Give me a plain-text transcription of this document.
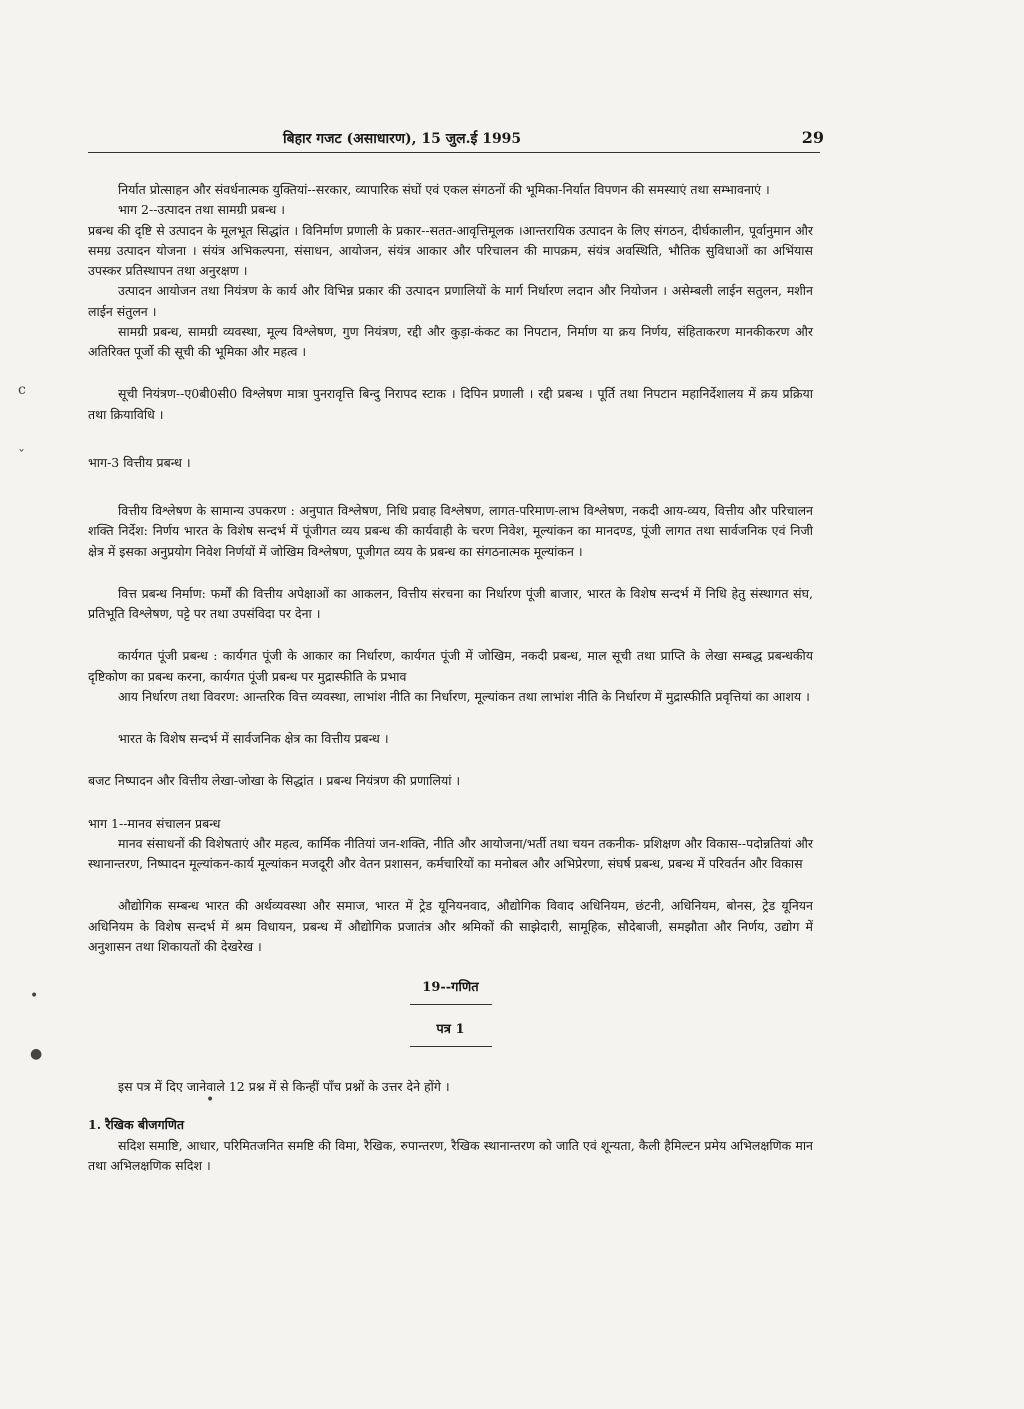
बिहार गजट (असाधारण), 15 जुल.ई 1995	29
c
ˇ
•
●
•

निर्यात प्रोत्साहन और संवर्धनात्मक युक्तियां--सरकार, व्यापारिक संघों एवं एकल संगठनों की भूमिका-निर्यात विपणन की समस्याएं तथा सम्भावनाएं ।

भाग 2--उत्पादन तथा सामग्री प्रबन्ध ।

प्रबन्ध की दृष्टि से उत्पादन के मूलभूत सिद्धांत । विनिर्माण प्रणाली के प्रकार--सतत-आवृत्तिमूलक ।आन्तरायिक उत्पादन के लिए संगठन, दीर्घकालीन, पूर्वानुमान और समग्र उत्पादन योजना । संयंत्र अभिकल्पना, संसाधन, आयोजन, संयंत्र आकार और परिचालन की मापक्रम, संयंत्र अवस्थिति, भौतिक सुविधाओं का अभिंयास उपस्कर प्रतिस्थापन तथा अनुरक्षण ।

उत्पादन आयोजन तथा नियंत्रण के कार्य और विभिन्न प्रकार की उत्पादन प्रणालियों के मार्ग निर्धारण लदान और नियोजन । असेम्बली लाईन सतुलन, मशीन लाईन संतुलन ।

सामग्री प्रबन्ध, सामग्री व्यवस्था, मूल्य विश्लेषण, गुण नियंत्रण, रद्दी और कुड़ा-कंकट का निपटान, निर्माण या क्रय निर्णय, संहिताकरण मानकीकरण और अतिरिक्त पूर्जो की सूची की भूमिका और महत्व ।

सूची नियंत्रण--ए0बी0सी0 विश्लेषण मात्रा पुनरावृत्ति बिन्दु निरापद स्टाक । दिपिन प्रणाली । रद्दी प्रबन्ध । पूर्ति तथा निपटान महानिर्देशालय में क्रय प्रक्रिया तथा क्रियाविधि ।

भाग-3 वित्तीय प्रबन्ध ।

वित्तीय विश्लेषण के सामान्य उपकरण : अनुपात विश्लेषण, निधि प्रवाह विश्लेषण, लागत-परिमाण-लाभ विश्लेषण, नकदी आय-व्यय, वित्तीय और परिचालन शक्ति निर्देश: निर्णय भारत के विशेष सन्दर्भ में पूंजीगत व्यय प्रबन्ध की कार्यवाही के चरण निवेश, मूल्यांकन का मानदण्ड, पूंजी लागत तथा सार्वजनिक एवं निजी क्षेत्र में इसका अनुप्रयोग निवेश निर्णयों में जोखिम विश्लेषण, पूजीगत व्यय के प्रबन्ध का संगठनात्मक मूल्यांकन ।

वित्त प्रबन्ध निर्माण: फर्मों की वित्तीय अपेक्षाओं का आकलन, वित्तीय संरचना का निर्धारण पूंजी बाजार, भारत के विशेष सन्दर्भ में निधि हेतु संस्थागत संघ, प्रतिभूति विश्लेषण, पट्टे पर तथा उपसंविदा पर देना ।

कार्यगत पूंजी प्रबन्ध : कार्यगत पूंजी के आकार का निर्धारण, कार्यगत पूंजी में जोखिम, नकदी प्रबन्ध, माल सूची तथा प्राप्ति के लेखा सम्बद्ध प्रबन्धकीय दृष्टिकोण का प्रबन्ध करना, कार्यगत पूंजी प्रबन्ध पर मुद्रास्फीति के प्रभाव

आय निर्धारण तथा विवरण: आन्तरिक वित्त व्यवस्था, लाभांश नीति का निर्धारण, मूल्यांकन तथा लाभांश नीति के निर्धारण में मुद्रास्फीति प्रवृत्तियां का आशय ।

भारत के विशेष सन्दर्भ में सार्वजनिक क्षेत्र का वित्तीय प्रबन्ध ।

बजट निष्पादन और वित्तीय लेखा-जोखा के सिद्धांत । प्रबन्ध नियंत्रण की प्रणालियां ।

भाग 1--मानव संचालन प्रबन्ध

मानव संसाधनों की विशेषताएं और महत्व, कार्मिक नीतियां जन-शक्ति, नीति और आयोजना/भर्ती तथा चयन तकनीक- प्रशिक्षण और विकास--पदोन्नतियां और स्थानान्तरण, निष्पादन मूल्यांकन-कार्य मूल्यांकन मजदूरी और वेतन प्रशासन, कर्मचारियों का मनोबल और अभिप्रेरणा, संघर्ष प्रबन्ध, प्रबन्ध में परिवर्तन और विकास

औद्योगिक सम्बन्ध भारत की अर्थव्यवस्था और समाज, भारत में ट्रेड यूनियनवाद, औद्योगिक विवाद अधिनियम, छंटनी, अधिनियम, बोनस, ट्रेड यूनियन अधिनियम के विशेष सन्दर्भ में श्रम विधायन, प्रबन्ध में औद्योगिक प्रजातंत्र और श्रमिकों की साझेदारी, सामूहिक, सौदेबाजी, समझौता और निर्णय, उद्योग में अनुशासन तथा शिकायतों की देखरेख ।

19--गणित
पत्र 1

इस पत्र में दिए जानेवाले 12 प्रश्न में से किन्हीं पाँच प्रश्नों के उत्तर देने होंगे ।

1. रैखिक बीजगणित

सदिश समाष्टि, आधार, परिमितजनित समष्टि की विमा, रैखिक, रुपान्तरण, रैखिक स्थानान्तरण को जाति एवं शून्यता, कैली हैमिल्टन प्रमेय अभिलक्षणिक मान तथा अभिलक्षणिक सदिश ।
